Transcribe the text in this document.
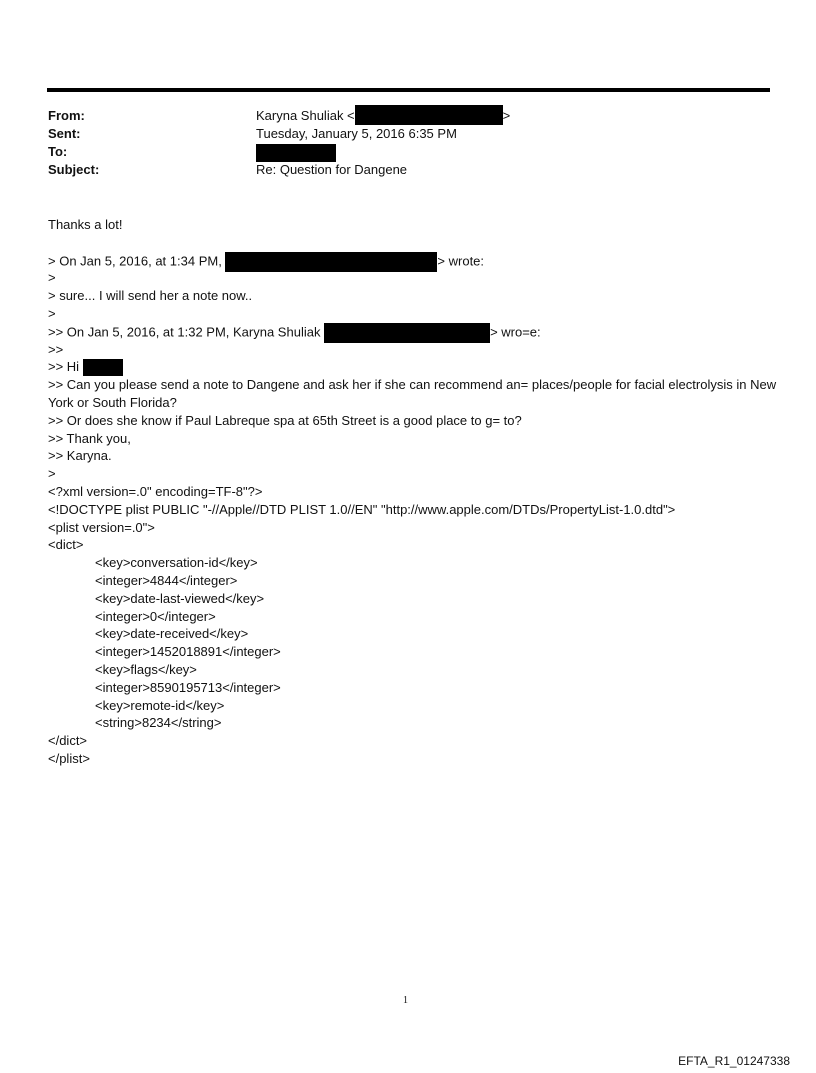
From:	Karyna Shuliak <	>
Sent:	Tuesday, January 5, 2016 6:35 PM
To:
Subject:	Re: Question for Dangene
Thanks a lot!
> On Jan 5, 2016, at 1:34 PM,	> wrote:
>
> sure... I will send her a note now..
>
>> On Jan 5, 2016, at 1:32 PM, Karyna Shuliak	> wro=e:
>>
>> Hi
>> Can you please send a note to Dangene and ask her if she can recommend an= places/people for facial electrolysis in New York or South Florida?
>> Or does she know if Paul Labreque spa at 65th Street is a good place to g= to?
>> Thank you,
>> Karyna.
>
<?xml version=.0" encoding=TF-8"?>
<!DOCTYPE plist PUBLIC "-//Apple//DTD PLIST 1.0//EN" "http://www.apple.com/DTDs/PropertyList-1.0.dtd">
<plist version=.0">
<dict>
<key>conversation-id</key>
<integer>4844</integer>
<key>date-last-viewed</key>
<integer>0</integer>
<key>date-received</key>
<integer>1452018891</integer>
<key>flags</key>
<integer>8590195713</integer>
<key>remote-id</key>
<string>8234</string>
</dict>
</plist>
1
EFTA_R1_01247338
